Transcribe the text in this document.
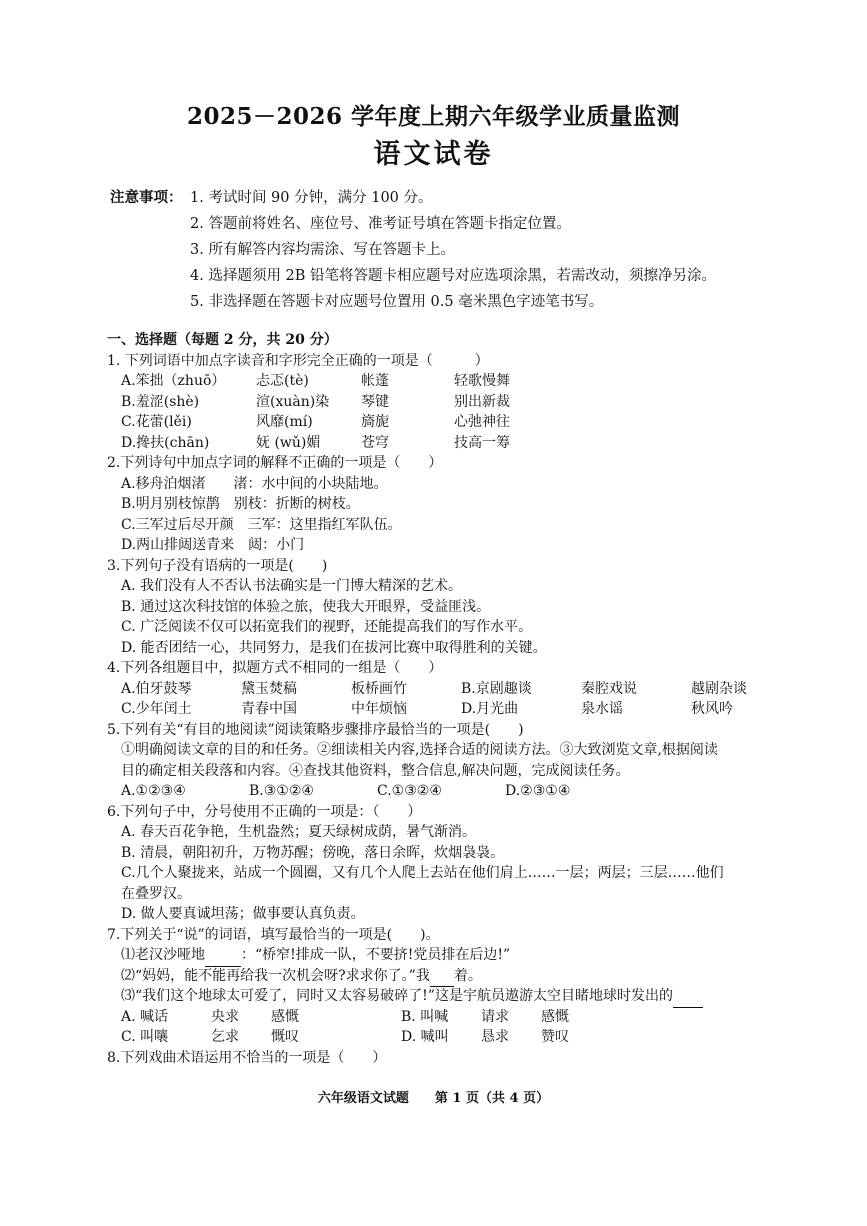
2025－2026 学年度上期六年级学业质量监测
语文试卷
注意事项： 1. 考试时间 90 分钟，满分 100 分。
2. 答题前将姓名、座位号、准考证号填在答题卡指定位置。
3. 所有解答内容均需涂、写在答题卡上。
4. 选择题须用 2B 铅笔将答题卡相应题号对应选项涂黑，若需改动，须擦净另涂。
5. 非选择题在答题卡对应题号位置用 0.5 毫米黑色字迹笔书写。
一、选择题（每题 2 分，共 20 分）
1. 下列词语中加点字读音和字形完全正确的一项是（　　　）
A.笨拙（zhuō）	忐忑(tè)	帐蓬	轻歌慢舞
B.羞涩(shè)	渲(xuàn)染	琴键	别出新裁
C.花蕾(lěi)	风靡(mí)	旖旎	心弛神往
D.搀扶(chān)	妩 (wǔ)媚	苍穹	技高一筹
2.下列诗句中加点字词的解释不正确的一项是（　　）
A.移舟泊烟渚　　渚：水中间的小块陆地。
B.明月别枝惊鹊　别枝：折断的树枝。
C.三军过后尽开颜　三军：这里指红军队伍。
D.两山排闼送青来　闼：小门
3.下列句子没有语病的一项是(　　)
A. 我们没有人不否认书法确实是一门博大精深的艺术。
B. 通过这次科技馆的体验之旅，使我大开眼界，受益匪浅。
C. 广泛阅读不仅可以拓宽我们的视野，还能提高我们的写作水平。
D. 能否团结一心，共同努力，是我们在拔河比赛中取得胜利的关键。
4.下列各组题目中，拟题方式不相同的一组是（　　）
A.伯牙鼓琴	黛玉焚稿	板桥画竹	B.京剧趣谈	秦腔戏说	越剧杂谈
C.少年闰土	青春中国	中年烦恼	D.月光曲	泉水谣	秋风吟
5.下列有关“有目的地阅读”阅读策略步骤排序最恰当的一项是(　　)
①明确阅读文章的目的和任务。②细读相关内容,选择合适的阅读方法。③大致浏览文章,根据阅读
目的确定相关段落和内容。④查找其他资料，整合信息,解决问题，完成阅读任务。
A.①②③④	B.③①②④	C.①③②④	D.②③①④
6.下列句子中，分号使用不正确的一项是：（　　）
A. 春天百花争艳，生机盎然；夏天绿树成荫，暑气渐消。
B. 清晨，朝阳初升，万物苏醒；傍晚，落日余晖，炊烟袅袅。
C.几个人聚拢来，站成一个圆圈，又有几个人爬上去站在他们肩上……一层；两层；三层……他们
在叠罗汉。
D. 做人要真诚坦荡；做事要认真负责。
7.下列关于“说”的词语，填写最恰当的一项是(　　)。
⑴老汉沙哑地	：“桥窄!排成一队，不要挤!党员排在后边!”
⑵“妈妈，能不能再给我一次机会呀?求求你了。”我 着。
⑶“我们这个地球太可爱了，同时又太容易破碎了!”这是宇航员遨游太空目睹地球时发出的
A. 喊话	央求	感慨	B. 叫喊	请求	感慨
C. 叫嚷	乞求	慨叹	D. 喊叫	恳求	赞叹
8.下列戏曲术语运用不恰当的一项是（　　）
六年级语文试题　　第 1 页（共 4 页）
